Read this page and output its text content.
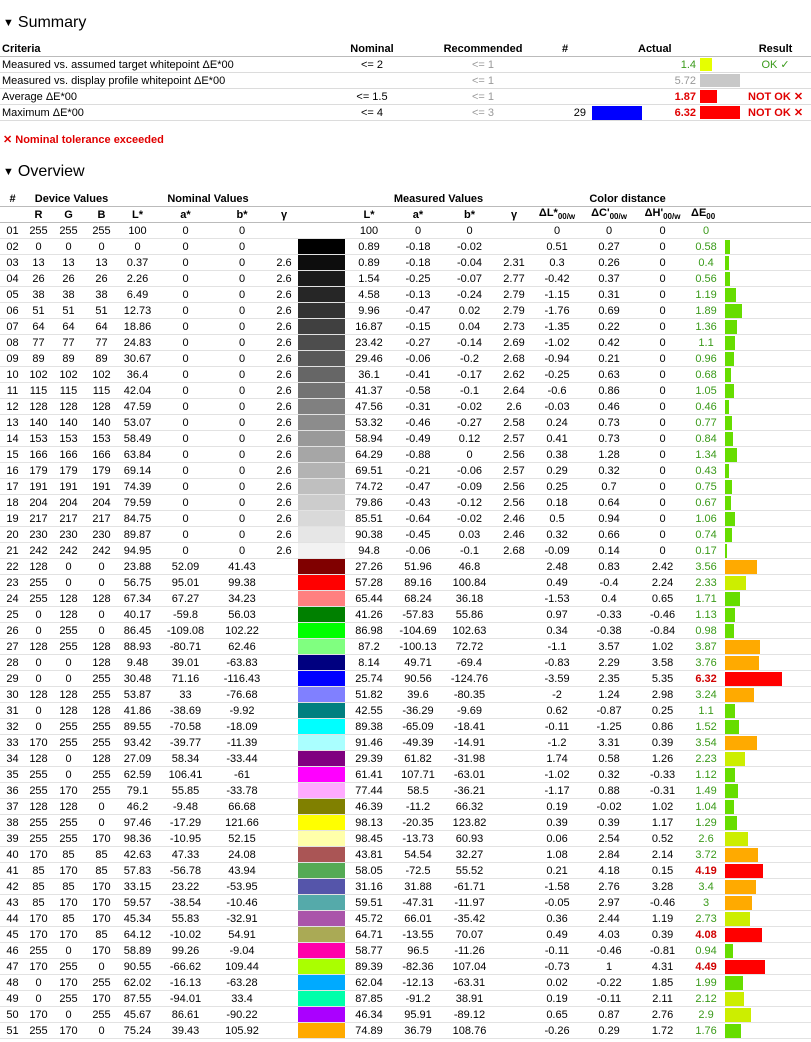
▼ Summary
Criteria	Nominal	Recommended	#	Actual			Result
Measured vs. assumed target whitepoint ΔE*00	<= 2	<= 1			1.4		OK ✓
Measured vs. display profile whitepoint ΔE*00		<= 1			5.72		
Average ΔE*00	<= 1.5	<= 1			1.87		NOT OK ✕
Maximum ΔE*00	<= 4	<= 3	29		6.32		NOT OK ✕
✕ Nominal tolerance exceeded
▼ Overview
#	Device Values			Nominal Values					Measured Values				Color distance				
	R	G	B	L*	a*	b*	γ		L*	a*	b*	γ	$\Delta L*_{00/w}$	$\Delta C'_{00/w}$	$\Delta H'_{00/w}$	$\Delta E_{00}$	
01	255	255	255	100	0	0			100	0	0		0	0	0	0	
02	0	0	0	0	0	0			0.89	-0.18	-0.02		0.51	0.27	0	0.58	
03	13	13	13	0.37	0	0	2.6		0.89	-0.18	-0.04	2.31	0.3	0.26	0	0.4	
04	26	26	26	2.26	0	0	2.6		1.54	-0.25	-0.07	2.77	-0.42	0.37	0	0.56	
05	38	38	38	6.49	0	0	2.6		4.58	-0.13	-0.24	2.79	-1.15	0.31	0	1.19	
06	51	51	51	12.73	0	0	2.6		9.96	-0.47	0.02	2.79	-1.76	0.69	0	1.89	
07	64	64	64	18.86	0	0	2.6		16.87	-0.15	0.04	2.73	-1.35	0.22	0	1.36	
08	77	77	77	24.83	0	0	2.6		23.42	-0.27	-0.14	2.69	-1.02	0.42	0	1.1	
09	89	89	89	30.67	0	0	2.6		29.46	-0.06	-0.2	2.68	-0.94	0.21	0	0.96	
10	102	102	102	36.4	0	0	2.6		36.1	-0.41	-0.17	2.62	-0.25	0.63	0	0.68	
11	115	115	115	42.04	0	0	2.6		41.37	-0.58	-0.1	2.64	-0.6	0.86	0	1.05	
12	128	128	128	47.59	0	0	2.6		47.56	-0.31	-0.02	2.6	-0.03	0.46	0	0.46	
13	140	140	140	53.07	0	0	2.6		53.32	-0.46	-0.27	2.58	0.24	0.73	0	0.77	
14	153	153	153	58.49	0	0	2.6		58.94	-0.49	0.12	2.57	0.41	0.73	0	0.84	
15	166	166	166	63.84	0	0	2.6		64.29	-0.88	0	2.56	0.38	1.28	0	1.34	
16	179	179	179	69.14	0	0	2.6		69.51	-0.21	-0.06	2.57	0.29	0.32	0	0.43	
17	191	191	191	74.39	0	0	2.6		74.72	-0.47	-0.09	2.56	0.25	0.7	0	0.75	
18	204	204	204	79.59	0	0	2.6		79.86	-0.43	-0.12	2.56	0.18	0.64	0	0.67	
19	217	217	217	84.75	0	0	2.6		85.51	-0.64	-0.02	2.46	0.5	0.94	0	1.06	
20	230	230	230	89.87	0	0	2.6		90.38	-0.45	0.03	2.46	0.32	0.66	0	0.74	
21	242	242	242	94.95	0	0	2.6		94.8	-0.06	-0.1	2.68	-0.09	0.14	0	0.17	
22	128	0	0	23.88	52.09	41.43			27.26	51.96	46.8		2.48	0.83	2.42	3.56	
23	255	0	0	56.75	95.01	99.38			57.28	89.16	100.84		0.49	-0.4	2.24	2.33	
24	255	128	128	67.34	67.27	34.23			65.44	68.24	36.18		-1.53	0.4	0.65	1.71	
25	0	128	0	40.17	-59.8	56.03			41.26	-57.83	55.86		0.97	-0.33	-0.46	1.13	
26	0	255	0	86.45	-109.08	102.22			86.98	-104.69	102.63		0.34	-0.38	-0.84	0.98	
27	128	255	128	88.93	-80.71	62.46			87.2	-100.13	72.72		-1.1	3.57	1.02	3.87	
28	0	0	128	9.48	39.01	-63.83			8.14	49.71	-69.4		-0.83	2.29	3.58	3.76	
29	0	0	255	30.48	71.16	-116.43			25.74	90.56	-124.76		-3.59	2.35	5.35	6.32	
30	128	128	255	53.87	33	-76.68			51.82	39.6	-80.35		-2	1.24	2.98	3.24	
31	0	128	128	41.86	-38.69	-9.92			42.55	-36.29	-9.69		0.62	-0.87	0.25	1.1	
32	0	255	255	89.55	-70.58	-18.09			89.38	-65.09	-18.41		-0.11	-1.25	0.86	1.52	
33	170	255	255	93.42	-39.77	-11.39			91.46	-49.39	-14.91		-1.2	3.31	0.39	3.54	
34	128	0	128	27.09	58.34	-33.44			29.39	61.82	-31.98		1.74	0.58	1.26	2.23	
35	255	0	255	62.59	106.41	-61			61.41	107.71	-63.01		-1.02	0.32	-0.33	1.12	
36	255	170	255	79.1	55.85	-33.78			77.44	58.5	-36.21		-1.17	0.88	-0.31	1.49	
37	128	128	0	46.2	-9.48	66.68			46.39	-11.2	66.32		0.19	-0.02	1.02	1.04	
38	255	255	0	97.46	-17.29	121.66			98.13	-20.35	123.82		0.39	0.39	1.17	1.29	
39	255	255	170	98.36	-10.95	52.15			98.45	-13.73	60.93		0.06	2.54	0.52	2.6	
40	170	85	85	42.63	47.33	24.08			43.81	54.54	32.27		1.08	2.84	2.14	3.72	
41	85	170	85	57.83	-56.78	43.94			58.05	-72.5	55.52		0.21	4.18	0.15	4.19	
42	85	85	170	33.15	23.22	-53.95			31.16	31.88	-61.71		-1.58	2.76	3.28	3.4	
43	85	170	170	59.57	-38.54	-10.46			59.51	-47.31	-11.97		-0.05	2.97	-0.46	3	
44	170	85	170	45.34	55.83	-32.91			45.72	66.01	-35.42		0.36	2.44	1.19	2.73	
45	170	170	85	64.12	-10.02	54.91			64.71	-13.55	70.07		0.49	4.03	0.39	4.08	
46	255	0	170	58.89	99.26	-9.04			58.77	96.5	-11.26		-0.11	-0.46	-0.81	0.94	
47	170	255	0	90.55	-66.62	109.44			89.39	-82.36	107.04		-0.73	1	4.31	4.49	
48	0	170	255	62.02	-16.13	-63.28			62.04	-12.13	-63.31		0.02	-0.22	1.85	1.99	
49	0	255	170	87.55	-94.01	33.4			87.85	-91.2	38.91		0.19	-0.11	2.11	2.12	
50	170	0	255	45.67	86.61	-90.22			46.34	95.91	-89.12		0.65	0.87	2.76	2.9	
51	255	170	0	75.24	39.43	105.92			74.89	36.79	108.76		-0.26	0.29	1.72	1.76	
